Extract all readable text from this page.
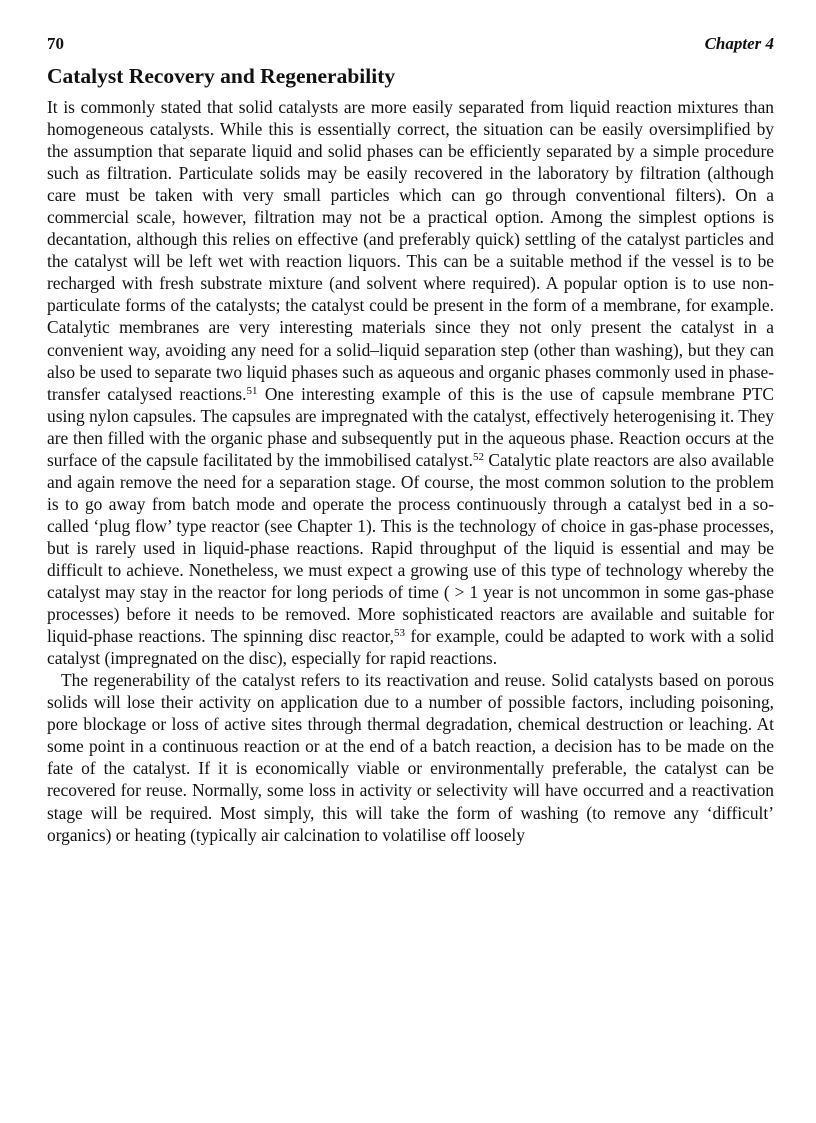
70	Chapter 4
Catalyst Recovery and Regenerability

It is commonly stated that solid catalysts are more easily separated from liquid reaction mixtures than homogeneous catalysts. While this is essentially correct, the situation can be easily oversimplified by the assumption that separate liquid and solid phases can be efficiently separated by a simple procedure such as filtration. Particulate solids may be easily recovered in the laboratory by filtration (although care must be taken with very small particles which can go through conventional filters). On a commercial scale, however, filtration may not be a practical option. Among the simplest options is decantation, although this relies on effective (and preferably quick) settling of the catalyst particles and the catalyst will be left wet with reaction liquors. This can be a suitable method if the vessel is to be recharged with fresh substrate mixture (and solvent where required). A popular option is to use non-particulate forms of the catalysts; the catalyst could be present in the form of a membrane, for example. Catalytic membranes are very interesting materials since they not only present the catalyst in a convenient way, avoiding any need for a solid–liquid separation step (other than washing), but they can also be used to separate two liquid phases such as aqueous and organic phases commonly used in phase-transfer catalysed reactions.$^{51}$ One interesting example of this is the use of capsule membrane PTC using nylon capsules. The capsules are impregnated with the catalyst, effectively heterogenising it. They are then filled with the organic phase and subsequently put in the aqueous phase. Reaction occurs at the surface of the capsule facilitated by the immobilised catalyst.$^{52}$ Catalytic plate reactors are also available and again remove the need for a separation stage. Of course, the most common solution to the problem is to go away from batch mode and operate the process continuously through a catalyst bed in a so-called ‘plug flow’ type reactor (see Chapter 1). This is the technology of choice in gas-phase processes, but is rarely used in liquid-phase reactions. Rapid throughput of the liquid is essential and may be difficult to achieve. Nonetheless, we must expect a growing use of this type of technology whereby the catalyst may stay in the reactor for long periods of time ( > 1 year is not uncommon in some gas-phase processes) before it needs to be removed. More sophisticated reactors are available and suitable for liquid-phase reactions. The spinning disc reactor,$^{53}$ for example, could be adapted to work with a solid catalyst (impregnated on the disc), especially for rapid reactions.

The regenerability of the catalyst refers to its reactivation and reuse. Solid catalysts based on porous solids will lose their activity on application due to a number of possible factors, including poisoning, pore blockage or loss of active sites through thermal degradation, chemical destruction or leaching. At some point in a continuous reaction or at the end of a batch reaction, a decision has to be made on the fate of the catalyst. If it is economically viable or environmentally preferable, the catalyst can be recovered for reuse. Normally, some loss in activity or selectivity will have occurred and a reactivation stage will be required. Most simply, this will take the form of washing (to remove any ‘difficult’ organics) or heating (typically air calcination to volatilise off loosely
